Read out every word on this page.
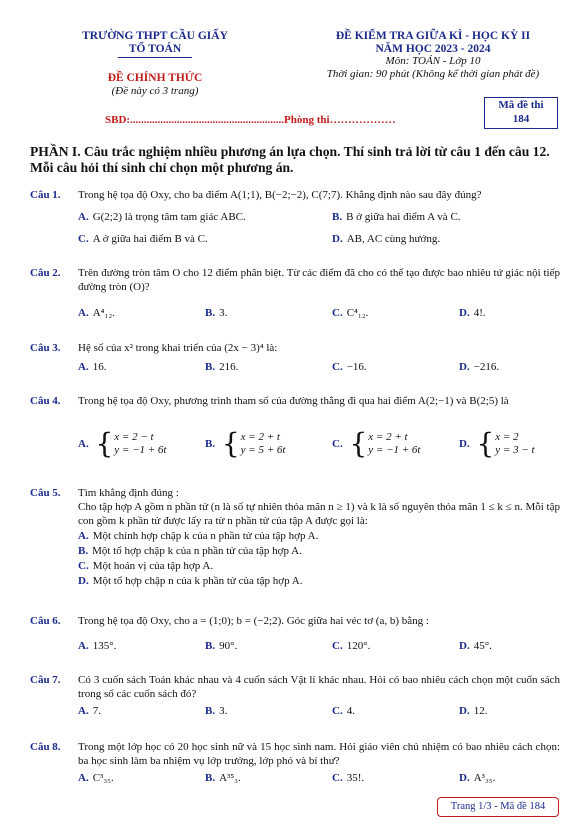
TRƯỜNG THPT CẦU GIẤY
TỔ TOÁN
ĐỀ CHÍNH THỨC
(Đề này có 3 trang)
ĐỀ KIỂM TRA GIỮA KÌ - HỌC KỲ II
NĂM HỌC 2023 - 2024
Môn: TOÁN - Lớp 10
Thời gian: 90 phút (Không kể thời gian phát đề)
Mã đề thi
184
SBD:........................................................Phòng thi………………
PHẦN I. Câu trắc nghiệm nhiều phương án lựa chọn. Thí sinh trả lời từ câu 1 đến câu 12. Mỗi câu hỏi thí sinh chỉ chọn một phương án.
Câu 1. Trong hệ tọa độ Oxy, cho ba điểm A(1;1), B(−2;−2), C(7;7). Khẳng định nào sau đây đúng?
A. G(2;2) là trọng tâm tam giác ABC.	B. B ở giữa hai điểm A và C.
C. A ở giữa hai điểm B và C.	D. AB, AC cùng hướng.
Câu 2. Trên đường tròn tâm O cho 12 điểm phân biệt. Từ các điểm đã cho có thể tạo được bao nhiêu tứ giác nội tiếp đường tròn (O)?
A. A⁴₁₂.	B. 3.	C. C⁴₁₂.	D. 4!.
Câu 3. Hệ số của x² trong khai triển của (2x − 3)⁴ là:
A. 16.	B. 216.	C. −16.	D. −216.
Câu 4. Trong hệ tọa độ Oxy, phương trình tham số của đường thẳng đi qua hai điểm A(2;−1) và B(2;5) là
A. { x = 2 − t
y = −1 + 6t
B. { x = 2 + t
y = 5 + 6t
C. { x = 2 + t
y = −1 + 6t
D. { x = 2
y = 3 − t
Câu 5. Tìm khẳng định đúng :
Cho tập hợp A gồm n phần tử (n là số tự nhiên thỏa mãn n ≥ 1) và k là số nguyên thỏa mãn 1 ≤ k ≤ n. Mỗi tập con gồm k phần tử được lấy ra từ n phần tử của tập A được gọi là:
A. Một chỉnh hợp chập k của n phần tử của tập hợp A.
B. Một tổ hợp chập k của n phần tử của tập hợp A.
C. Một hoán vị của tập hợp A.
D. Một tổ hợp chập n của k phần tử của tập hợp A.
Câu 6. Trong hệ tọa độ Oxy, cho a = (1;0); b = (−2;2). Góc giữa hai véc tơ (a, b) bằng :
A. 135°.	B. 90°.	C. 120°.	D. 45°.
Câu 7. Có 3 cuốn sách Toán khác nhau và 4 cuốn sách Vật lí khác nhau. Hỏi có bao nhiêu cách chọn một cuốn sách trong số các cuốn sách đó?
A. 7.	B. 3.	C. 4.	D. 12.
Câu 8. Trong một lớp học có 20 học sinh nữ và 15 học sinh nam. Hỏi giáo viên chủ nhiệm có bao nhiêu cách chọn: ba học sinh làm ba nhiệm vụ lớp trưởng, lớp phó và bí thư?
A. C³₃₅.	B. A³⁵₃.	C. 35!.	D. A³₃₅.
Trang 1/3 - Mã đề 184
